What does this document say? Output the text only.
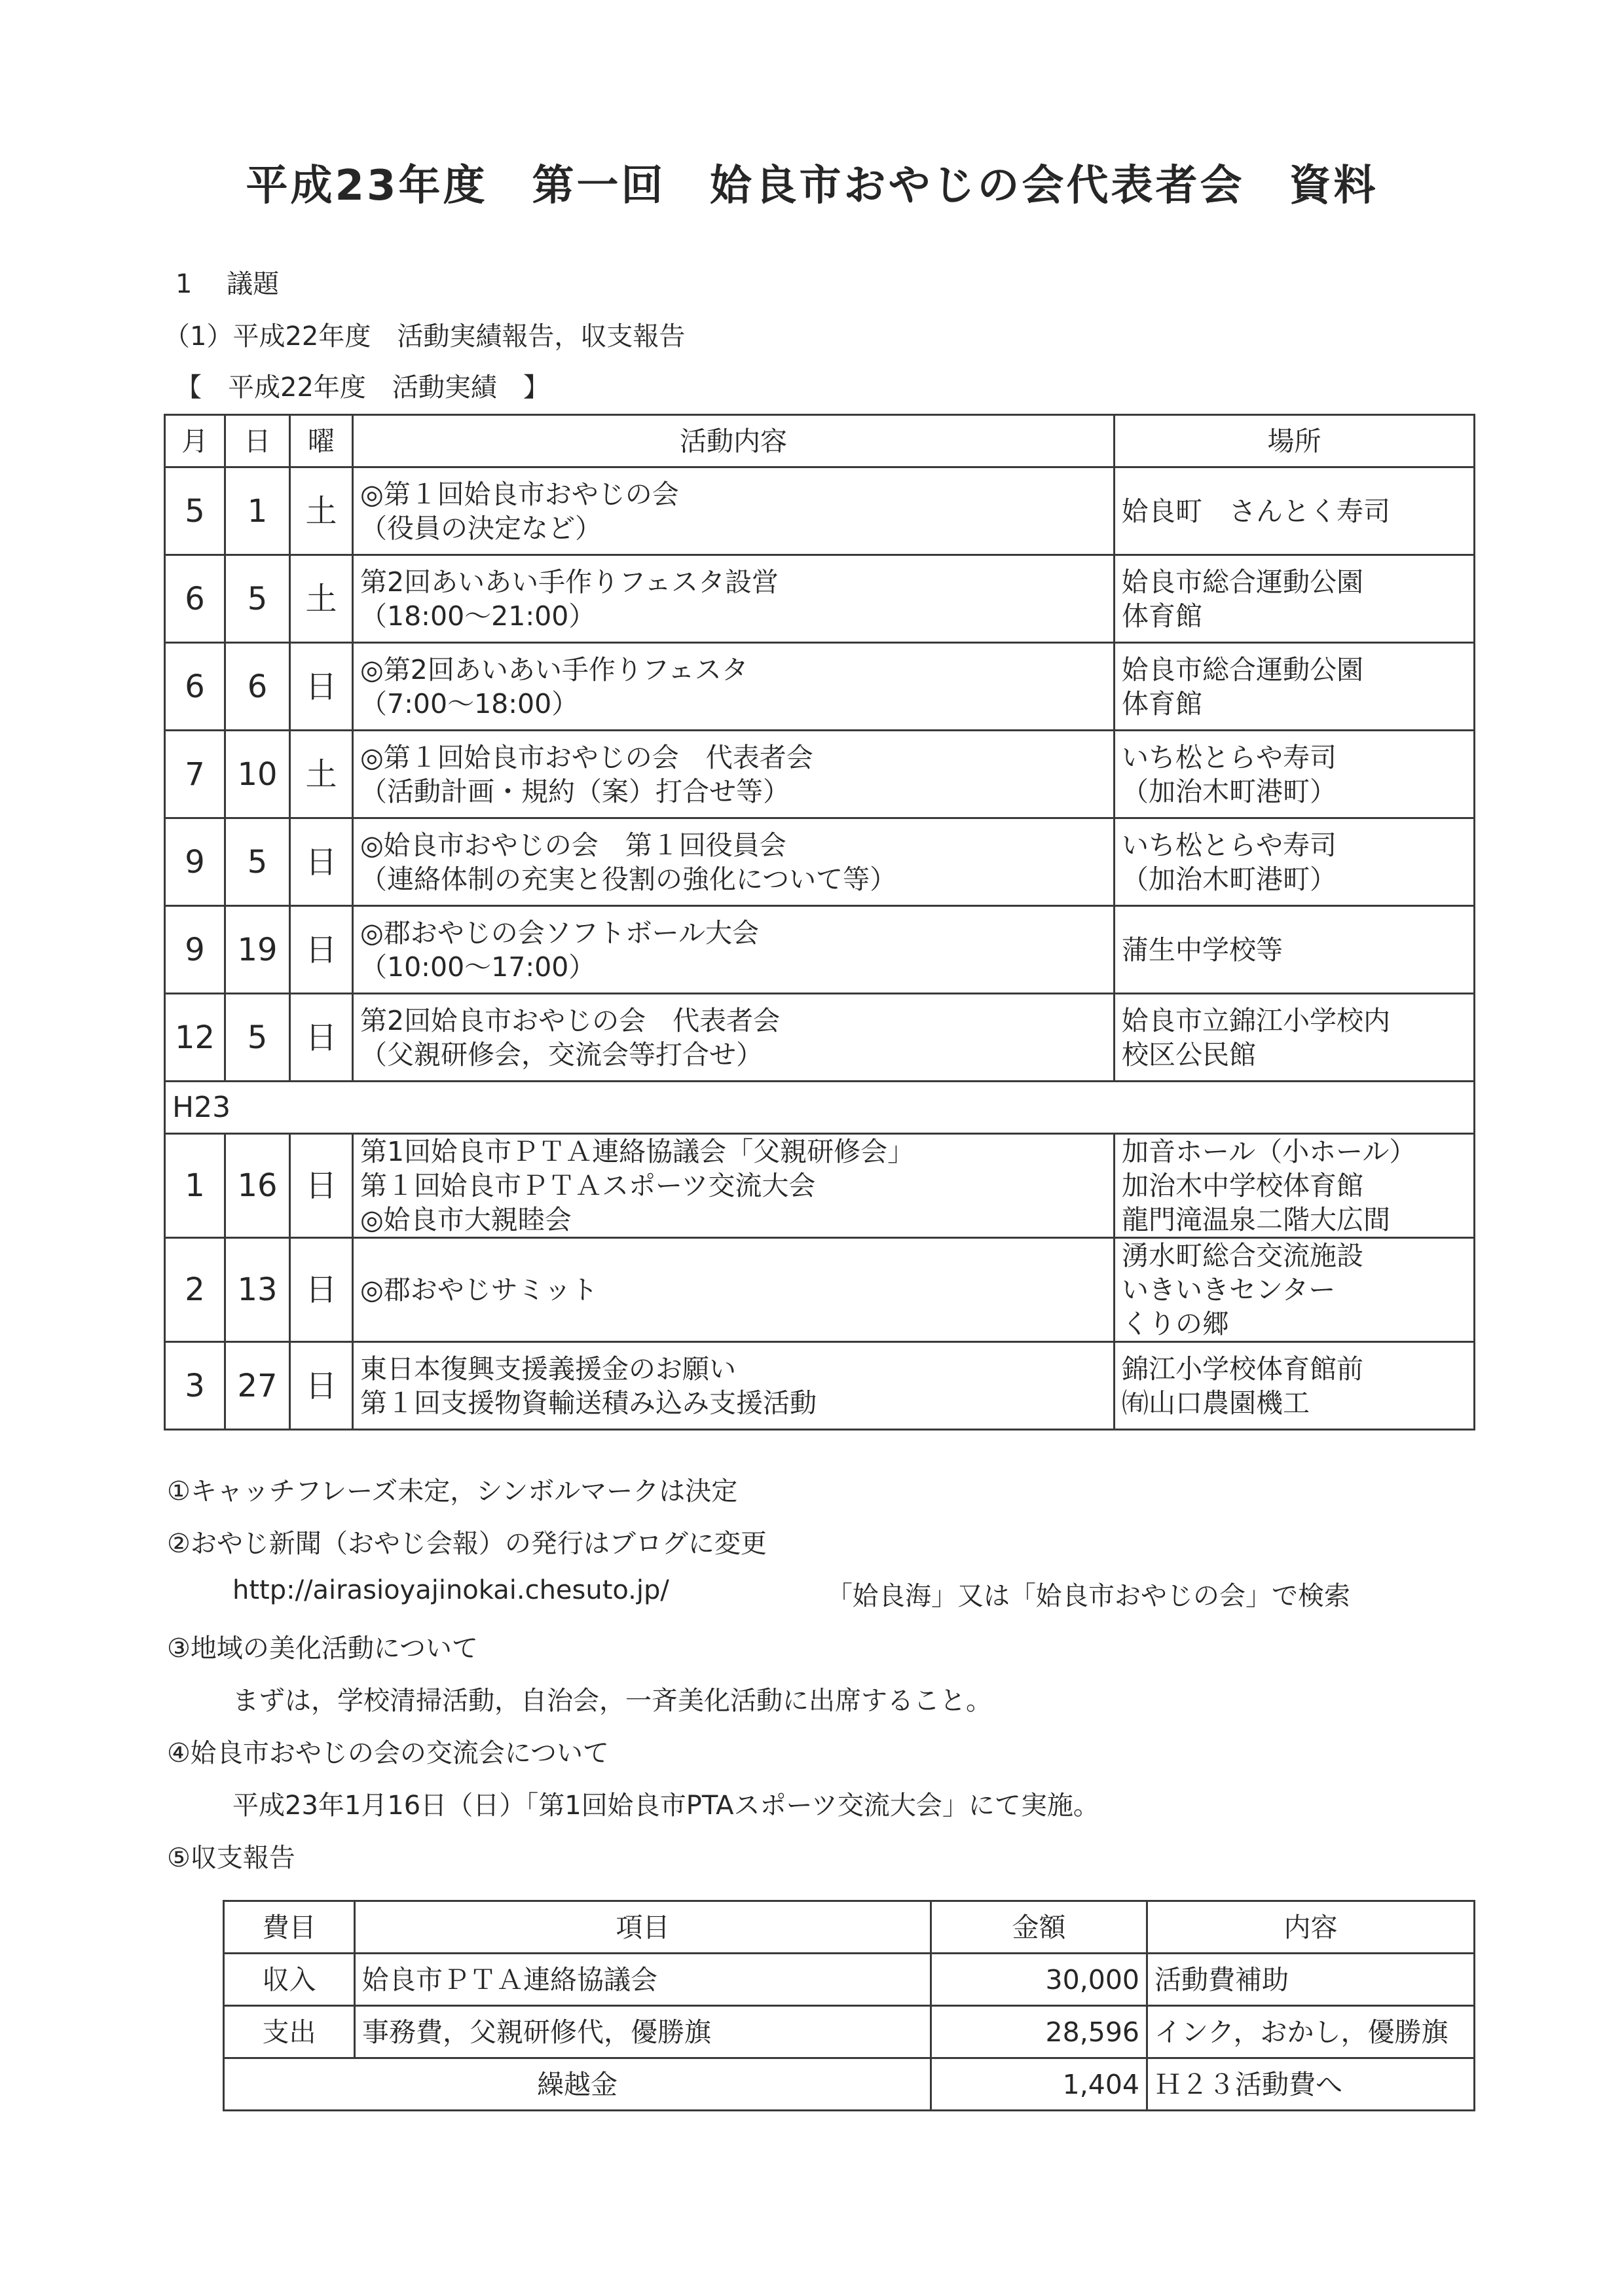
平成23年度　第一回　姶良市おやじの会代表者会　資料
1　 議題
（1）平成22年度　活動実績報告，収支報告
【　平成22年度　活動実績　】
月	日	曜	活動内容	場所
5	1	土	◎第１回姶良市おやじの会
（役員の決定など）	姶良町　さんとく寿司
6	5	土	第2回あいあい手作りフェスタ設営
（18:00～21:00）	姶良市総合運動公園
体育館
6	6	日	◎第2回あいあい手作りフェスタ
（7:00～18:00）	姶良市総合運動公園
体育館
7	10	土	◎第１回姶良市おやじの会　代表者会
（活動計画・規約（案）打合せ等）	いち松とらや寿司
（加治木町港町）
9	5	日	◎姶良市おやじの会　第１回役員会
（連絡体制の充実と役割の強化について等）	いち松とらや寿司
（加治木町港町）
9	19	日	◎郡おやじの会ソフトボール大会
（10:00～17:00）	蒲生中学校等
12	5	日	第2回姶良市おやじの会　代表者会
（父親研修会，交流会等打合せ）	姶良市立錦江小学校内
校区公民館
H23				
1	16	日	第1回姶良市ＰＴＡ連絡協議会「父親研修会」
第１回姶良市ＰＴＡスポーツ交流大会
◎姶良市大親睦会	加音ホール（小ホール）
加治木中学校体育館
龍門滝温泉二階大広間
2	13	日	◎郡おやじサミット	湧水町総合交流施設
いきいきセンター
くりの郷
3	27	日	東日本復興支援義援金のお願い
第１回支援物資輸送積み込み支援活動	錦江小学校体育館前
㈲山口農園機工
①キャッチフレーズ未定，シンボルマークは決定
②おやじ新聞（おやじ会報）の発行はブログに変更
http://airasioyajinokai.chesuto.jp/	「姶良海」又は「姶良市おやじの会」で検索
③地域の美化活動について
まずは，学校清掃活動，自治会，一斉美化活動に出席すること。
④姶良市おやじの会の交流会について
平成23年1月16日（日）「第1回姶良市PTAスポーツ交流大会」にて実施。
⑤収支報告
費目	項目	金額	内容
収入	姶良市ＰＴＡ連絡協議会	30,000	活動費補助
支出	事務費，父親研修代，優勝旗	28,596	インク，おかし，優勝旗
繰越金		1,404	Ｈ２３活動費へ
